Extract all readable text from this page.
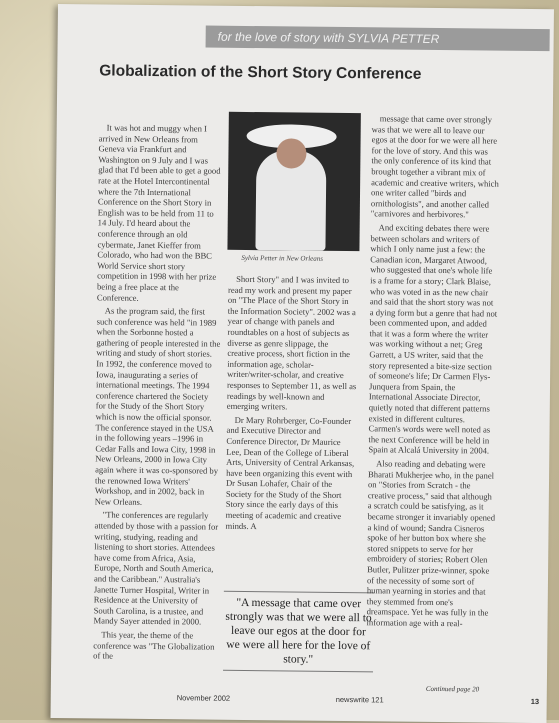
for the love of story with SYLVIA PETTER
Globalization of the Short Story Conference

It was hot and muggy when I arrived in New Orleans from Geneva via Frankfurt and Washington on 9 July and I was glad that I'd been able to get a good rate at the Hotel Intercontinental where the 7th International Conference on the Short Story in English was to be held from 11 to 14 July. I'd heard about the conference through an old cybermate, Janet Kieffer from Colorado, who had won the BBC World Service short story competition in 1998 with her prize being a free place at the Conference.

As the program said, the first such conference was held "in 1989 when the Sorbonne hosted a gathering of people interested in the writing and study of short stories. In 1992, the conference moved to Iowa, inaugurating a series of international meetings. The 1994 conference chartered the Society for the Study of the Short Story which is now the official sponsor. The conference stayed in the USA in the following years –1996 in Cedar Falls and Iowa City, 1998 in New Orleans, 2000 in Iowa City again where it was co-sponsored by the renowned Iowa Writers' Workshop, and in 2002, back in New Orleans.

"The conferences are regularly attended by those with a passion for writing, studying, reading and listening to short stories. Attendees have come from Africa, Asia, Europe, North and South America, and the Caribbean." Australia's Janette Turner Hospital, Writer in Residence at the University of South Carolina, is a trustee, and Mandy Sayer attended in 2000.

This year, the theme of the conference was "The Globalization of the

Sylvia Petter in New Orleans

Short Story" and I was invited to read my work and present my paper on "The Place of the Short Story in the Information Society". 2002 was a year of change with panels and roundtables on a host of subjects as diverse as genre slippage, the creative process, short fiction in the information age, scholar-writer/writer-scholar, and creative responses to September 11, as well as readings by well-known and emerging writers.

Dr Mary Rohrberger, Co-Founder and Executive Director and Conference Director, Dr Maurice Lee, Dean of the College of Liberal Arts, University of Central Arkansas, have been organizing this event with Dr Susan Lohafer, Chair of the Society for the Study of the Short Story since the early days of this meeting of academic and creative minds. A

"A message that came over strongly was that we were all to leave our egos at the door for we were all here for the love of story."

message that came over strongly was that we were all to leave our egos at the door for we were all here for the love of story. And this was the only conference of its kind that brought together a vibrant mix of academic and creative writers, which one writer called "birds and ornithologists", and another called "carnivores and herbivores."

And exciting debates there were between scholars and writers of which I only name just a few: the Canadian icon, Margaret Atwood, who suggested that one's whole life is a frame for a story; Clark Blaise, who was voted in as the new chair and said that the short story was not a dying form but a genre that had not been commented upon, and added that it was a form where the writer was working without a net; Greg Garrett, a US writer, said that the story represented a bite-size section of someone's life; Dr Carmen Flys-Junquera from Spain, the International Associate Director, quietly noted that different patterns existed in different cultures. Carmen's words were well noted as the next Conference will be held in Spain at Alcalá University in 2004.

Also reading and debating were Bharati Mukherjee who, in the panel on "Stories from Scratch - the creative process," said that although a scratch could be satisfying, as it became stronger it invariably opened a kind of wound; Sandra Cisneros spoke of her button box where she stored snippets to serve for her embroidery of stories; Robert Olen Butler, Pulitzer prize-winner, spoke of the necessity of some sort of human yearning in stories and that they stemmed from one's dreamspace. Yet he was fully in the information age with a real-

Continued page 20
November 2002	newswrite 121	13
